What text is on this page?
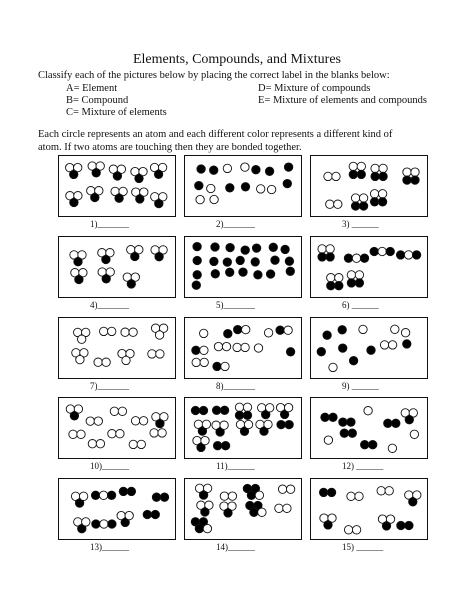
Elements, Compounds, and Mixtures
Classify each of the pictures below by placing the correct label in the blanks below:
A= Element
B= Compound
C= Mixture of elements
D= Mixture of compounds
E= Mixture of elements and compounds
Each circle represents an atom and each different color represents a different kind of
atom. If two atoms are touching then they are bonded together.
1)_______	2)_______	3) ______
4)_______	5)_______	6) ______
7)_______	8)_______	9) ______
10)______	11)______	12) ______
13)______	14)______	15) ______
